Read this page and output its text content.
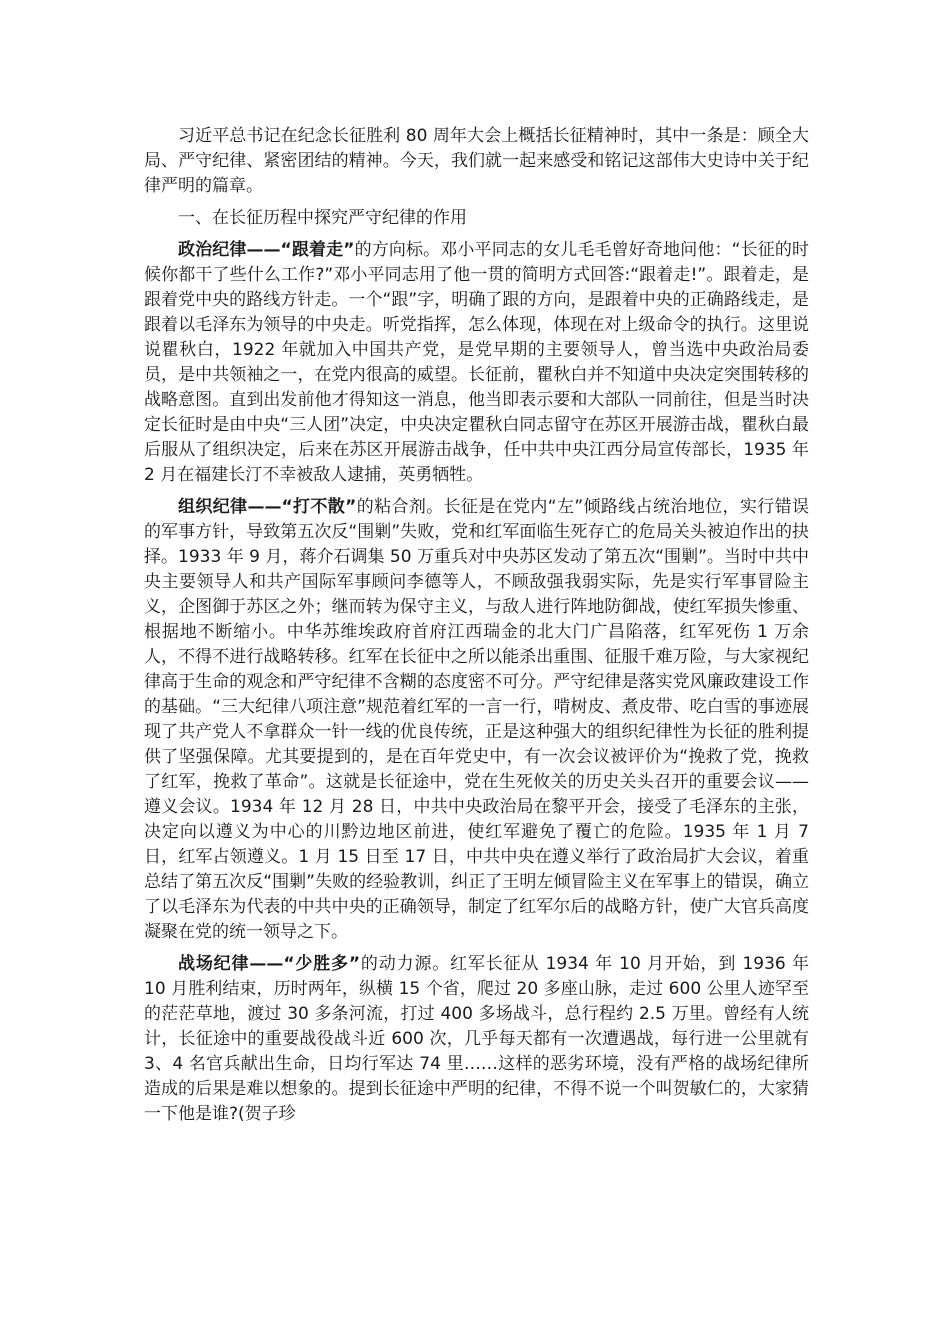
习近平总书记在纪念长征胜利 80 周年大会上概括长征精神时，其中一条是：顾全大局、严守纪律、紧密团结的精神。今天，我们就一起来感受和铭记这部伟大史诗中关于纪律严明的篇章。

一、在长征历程中探究严守纪律的作用

政治纪律——“跟着走”的方向标。邓小平同志的女儿毛毛曾好奇地问他：“长征的时候你都干了些什么工作?”邓小平同志用了他一贯的简明方式回答:“跟着走!”。跟着走，是跟着党中央的路线方针走。一个“跟”字，明确了跟的方向，是跟着中央的正确路线走，是跟着以毛泽东为领导的中央走。听党指挥，怎么体现，体现在对上级命令的执行。这里说说瞿秋白，1922 年就加入中国共产党，是党早期的主要领导人，曾当选中央政治局委员，是中共领袖之一，在党内很高的威望。长征前，瞿秋白并不知道中央决定突围转移的战略意图。直到出发前他才得知这一消息，他当即表示要和大部队一同前往，但是当时决定长征时是由中央“三人团”决定，中央决定瞿秋白同志留守在苏区开展游击战，瞿秋白最后服从了组织决定，后来在苏区开展游击战争，任中共中央江西分局宣传部长，1935 年 2 月在福建长汀不幸被敌人逮捕，英勇牺牲。

组织纪律——“打不散”的粘合剂。长征是在党内“左”倾路线占统治地位，实行错误的军事方针，导致第五次反“围剿”失败，党和红军面临生死存亡的危局关头被迫作出的抉择。1933 年 9 月，蒋介石调集 50 万重兵对中央苏区发动了第五次“围剿”。当时中共中央主要领导人和共产国际军事顾问李德等人，不顾敌强我弱实际，先是实行军事冒险主义，企图御于苏区之外；继而转为保守主义，与敌人进行阵地防御战，使红军损失惨重、根据地不断缩小。中华苏维埃政府首府江西瑞金的北大门广昌陷落，红军死伤 1 万余人，不得不进行战略转移。红军在长征中之所以能杀出重围、征服千难万险，与大家视纪律高于生命的观念和严守纪律不含糊的态度密不可分。严守纪律是落实党风廉政建设工作的基础。“三大纪律八项注意”规范着红军的一言一行，啃树皮、煮皮带、吃白雪的事迹展现了共产党人不拿群众一针一线的优良传统，正是这种强大的组织纪律性为长征的胜利提供了坚强保障。尤其要提到的，是在百年党史中，有一次会议被评价为“挽救了党，挽救了红军，挽救了革命”。这就是长征途中，党在生死攸关的历史关头召开的重要会议——遵义会议。1934 年 12 月 28 日，中共中央政治局在黎平开会，接受了毛泽东的主张，决定向以遵义为中心的川黔边地区前进，使红军避免了覆亡的危险。1935 年 1 月 7 日，红军占领遵义。1 月 15 日至 17 日，中共中央在遵义举行了政治局扩大会议，着重总结了第五次反“围剿”失败的经验教训，纠正了王明左倾冒险主义在军事上的错误，确立了以毛泽东为代表的中共中央的正确领导，制定了红军尔后的战略方针，使广大官兵高度凝聚在党的统一领导之下。

战场纪律——“少胜多”的动力源。红军长征从 1934 年 10 月开始，到 1936 年 10 月胜利结束，历时两年，纵横 15 个省，爬过 20 多座山脉，走过 600 公里人迹罕至的茫茫草地，渡过 30 多条河流，打过 400 多场战斗，总行程约 2.5 万里。曾经有人统计，长征途中的重要战役战斗近 600 次，几乎每天都有一次遭遇战，每行进一公里就有 3、4 名官兵献出生命，日均行军达 74 里……这样的恶劣环境，没有严格的战场纪律所造成的后果是难以想象的。提到长征途中严明的纪律，不得不说一个叫贺敏仁的，大家猜一下他是谁?(贺子珍
